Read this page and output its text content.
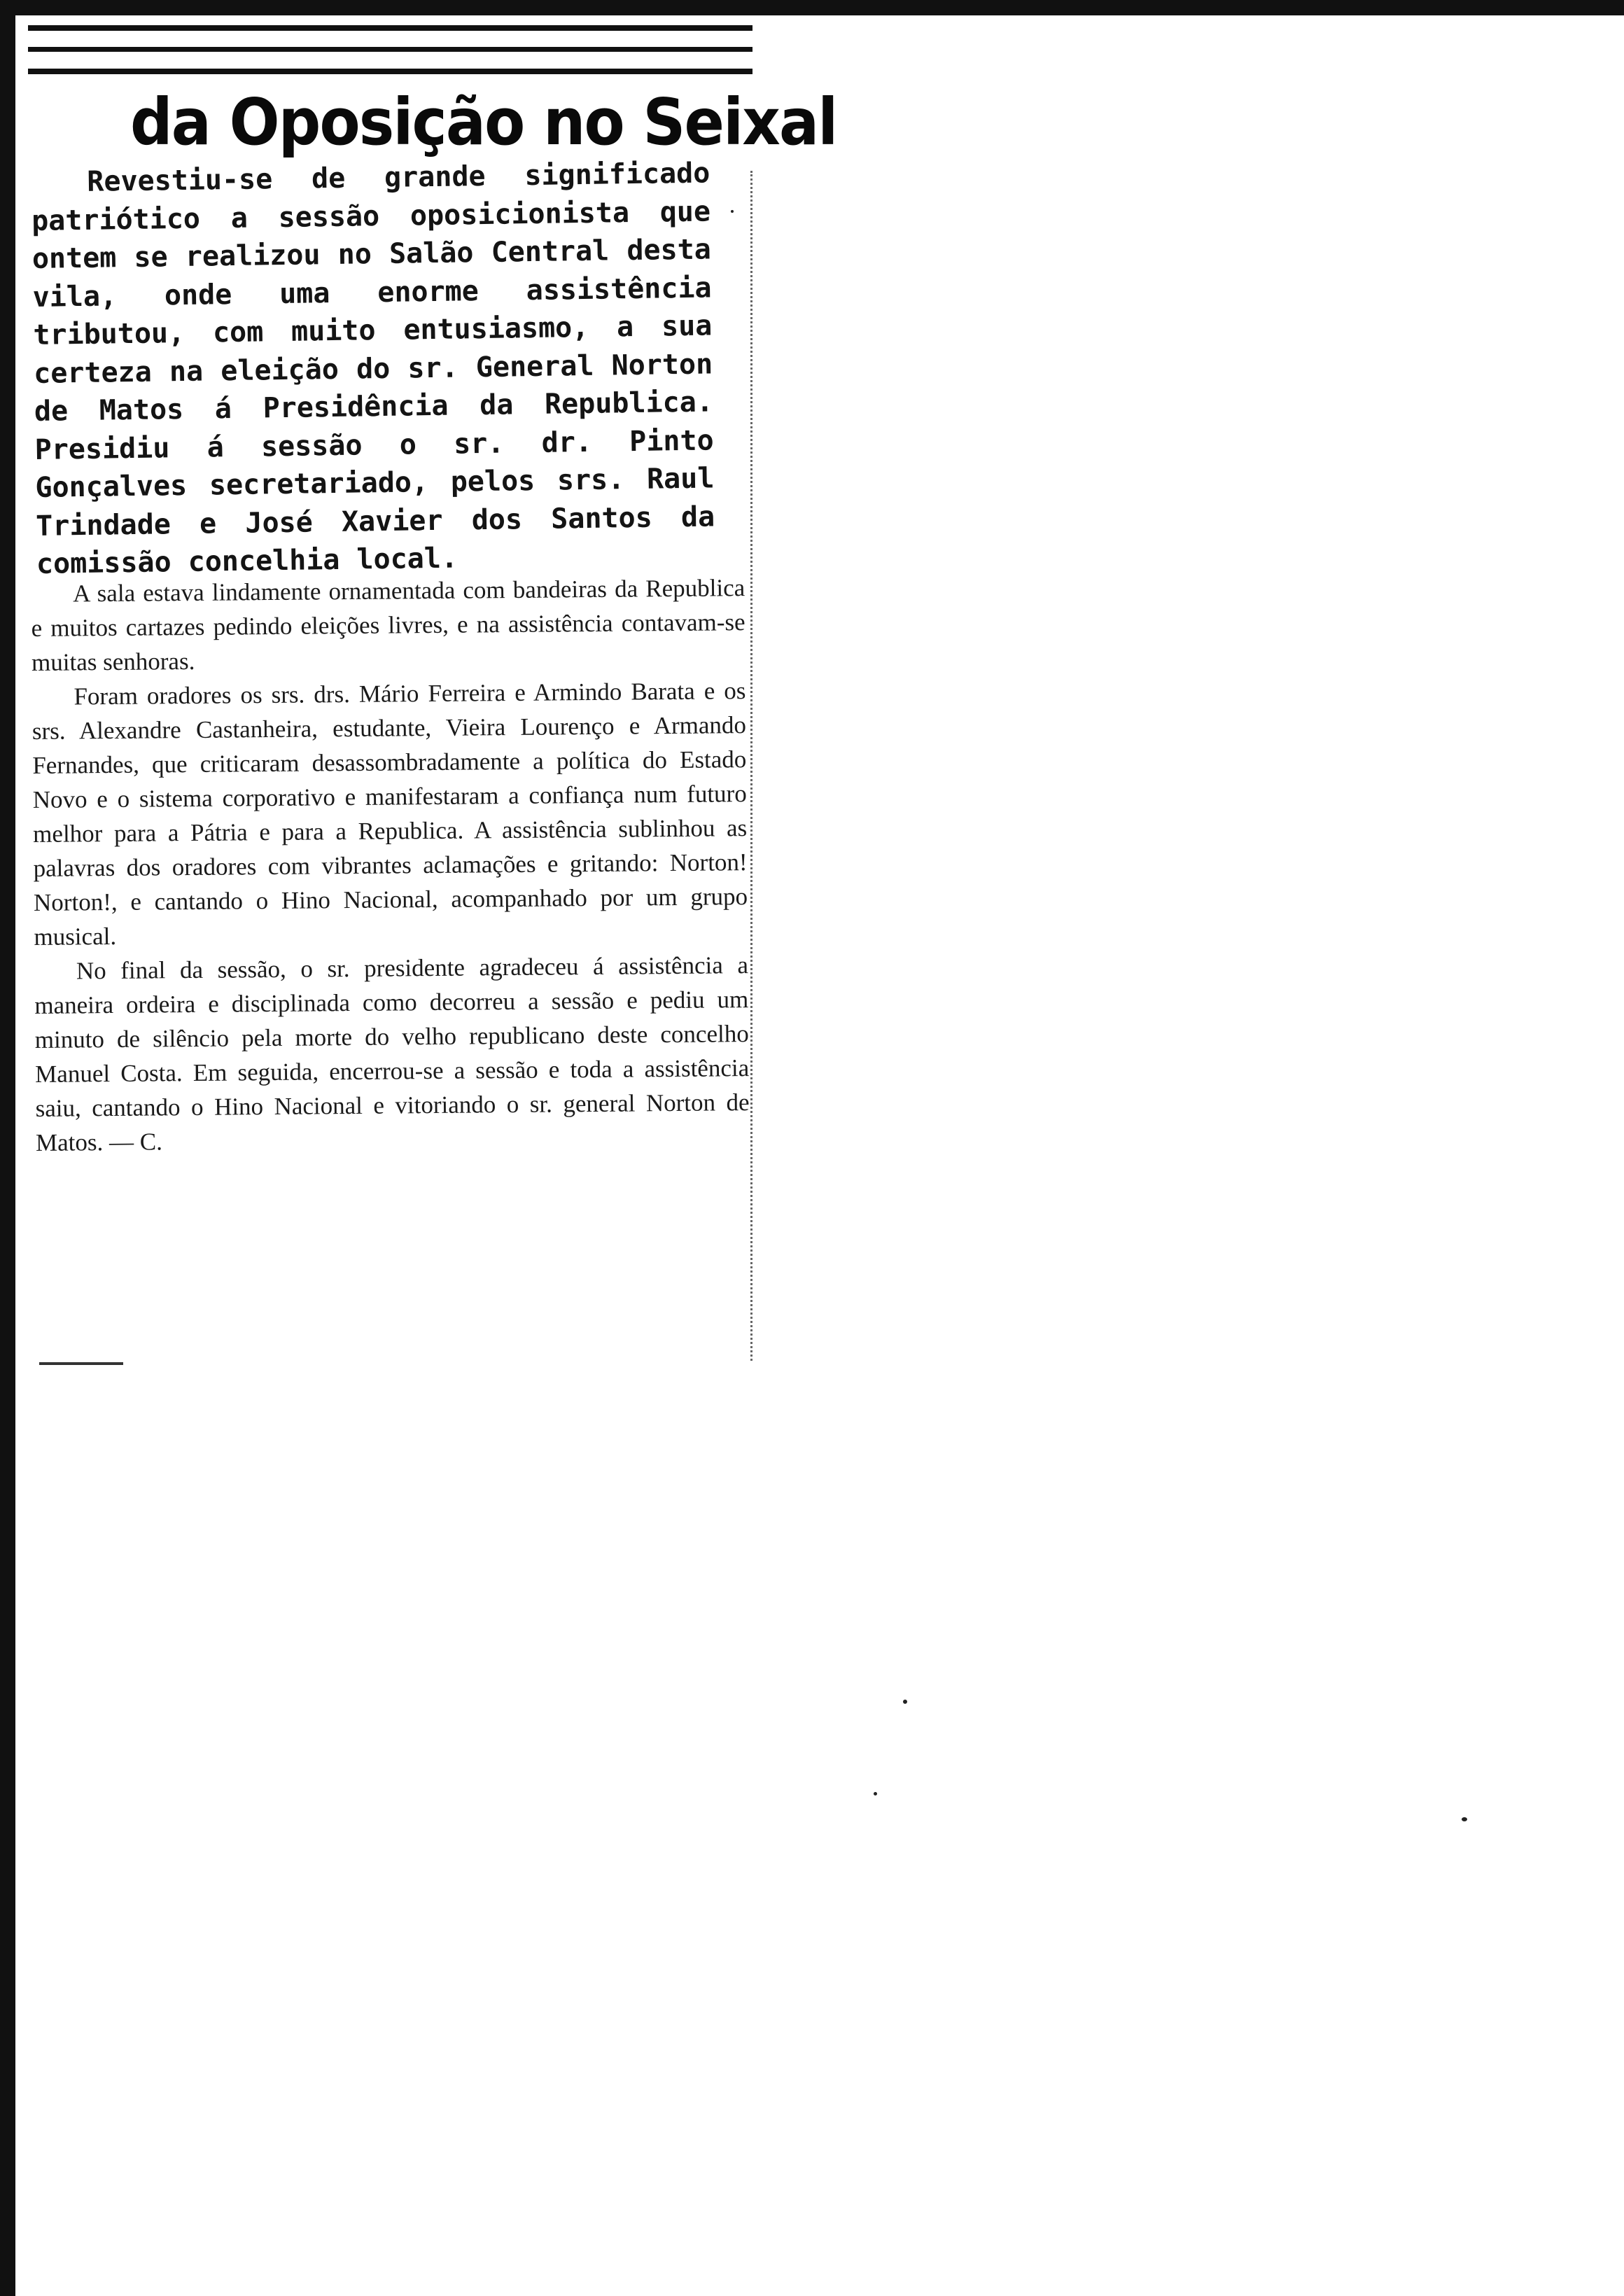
da Oposição no Seixal

Revestiu-se de grande significado patriótico a sessão oposicionista que ontem se realizou no Salão Central desta vila, onde uma enorme assistência tributou, com muito entusiasmo, a sua certeza na eleição do sr. General Norton de Matos á Presidência da Republica. Presidiu á sessão o sr. dr. Pinto Gonçalves secretariado, pelos srs. Raul Trindade e José Xavier dos Santos da comissão concelhia local.

A sala estava lindamente ornamentada com bandeiras da Republica e muitos cartazes pedindo eleições livres, e na assistência contavam-se muitas senhoras.

Foram oradores os srs. drs. Mário Ferreira e Armindo Barata e os srs. Alexandre Castanheira, estudante, Vieira Lourenço e Armando Fernandes, que criticaram desassombradamente a política do Estado Novo e o sistema corporativo e manifestaram a confiança num futuro melhor para a Pátria e para a Republica. A assistência sublinhou as palavras dos oradores com vibrantes aclamações e gritando: Norton! Norton!, e cantando o Hino Nacional, acompanhado por um grupo musical.

No final da sessão, o sr. presidente agradeceu á assistência a maneira ordeira e disciplinada como decorreu a sessão e pediu um minuto de silêncio pela morte do velho republicano deste concelho Manuel Costa. Em seguida, encerrou-se a sessão e toda a assistência saiu, cantando o Hino Nacional e vitoriando o sr. general Norton de Matos. — C.
